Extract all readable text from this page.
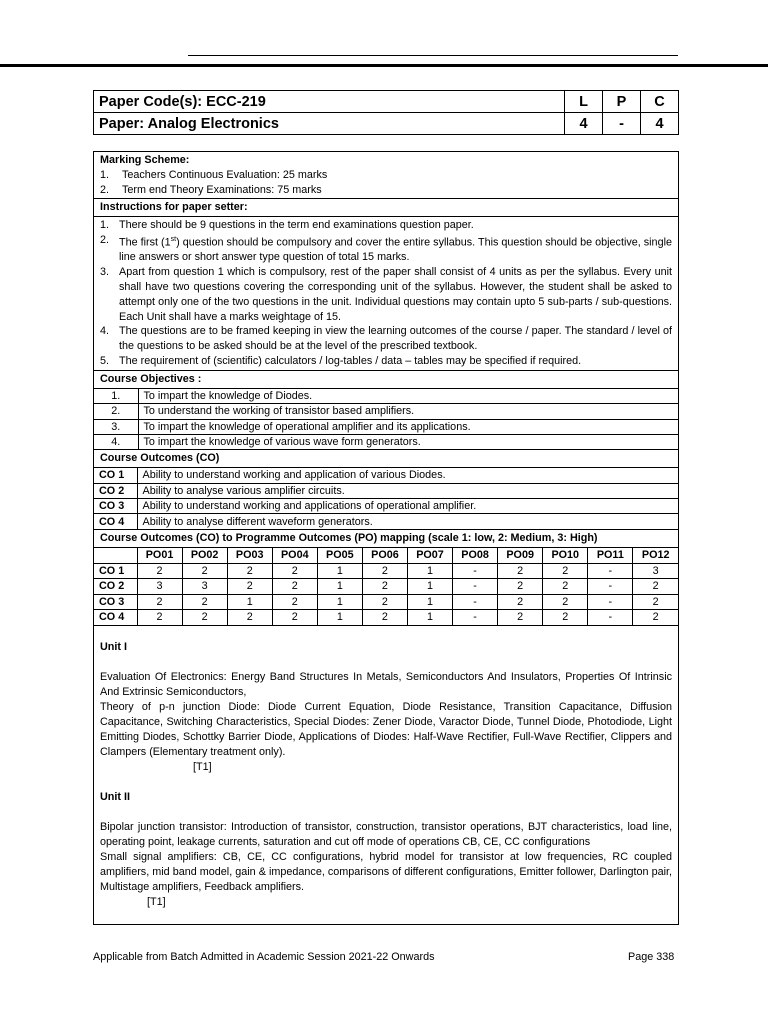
Paper Code(s): ECC-219	L	P	C
Paper: Analog Electronics	4	-	4
Marking Scheme:
1. Teachers Continuous Evaluation: 25 marks
2. Term end Theory Examinations: 75 marks
Instructions for paper setter:
1. There should be 9 questions in the term end examinations question paper.
2. The first (1st) question should be compulsory and cover the entire syllabus. This question should be objective, single line answers or short answer type question of total 15 marks.
3. Apart from question 1 which is compulsory, rest of the paper shall consist of 4 units as per the syllabus. Every unit shall have two questions covering the corresponding unit of the syllabus. However, the student shall be asked to attempt only one of the two questions in the unit. Individual questions may contain upto 5 sub-parts / sub-questions. Each Unit shall have a marks weightage of 15.
4. The questions are to be framed keeping in view the learning outcomes of the course / paper. The standard / level of the questions to be asked should be at the level of the prescribed textbook.
5. The requirement of (scientific) calculators / log-tables / data – tables may be specified if required.
Course Objectives :
1.	To impart the knowledge of Diodes.
2.	To understand the working of transistor based amplifiers.
3.	To impart the knowledge of operational amplifier and its applications.
4.	To impart the knowledge of various wave form generators.
Course Outcomes (CO)
CO 1	Ability to understand working and application of various Diodes.
CO 2	Ability to analyse various amplifier circuits.
CO 3	Ability to understand working and applications of operational amplifier.
CO 4	Ability to analyse different waveform generators.
Course Outcomes (CO) to Programme Outcomes (PO) mapping (scale 1: low, 2: Medium, 3: High)
	PO01	PO02	PO03	PO04	PO05	PO06	PO07	PO08	PO09	PO10	PO11	PO12
CO 1	2	2	2	2	1	2	1	-	2	2	-	3
CO 2	3	3	2	2	1	2	1	-	2	2	-	2
CO 3	2	2	1	2	1	2	1	-	2	2	-	2
CO 4	2	2	2	2	1	2	1	-	2	2	-	2
Unit I

Evaluation Of Electronics: Energy Band Structures In Metals, Semiconductors And Insulators, Properties Of Intrinsic And Extrinsic Semiconductors,

Theory of p-n junction Diode: Diode Current Equation, Diode Resistance, Transition Capacitance, Diffusion Capacitance, Switching Characteristics, Special Diodes: Zener Diode, Varactor Diode, Tunnel Diode, Photodiode, Light Emitting Diodes, Schottky Barrier Diode, Applications of Diodes: Half-Wave Rectifier, Full-Wave Rectifier, Clippers and Clampers (Elementary treatment only).

[T1]
Unit II

Bipolar junction transistor: Introduction of transistor, construction, transistor operations, BJT characteristics, load line, operating point, leakage currents, saturation and cut off mode of operations CB, CE, CC configurations

Small signal amplifiers: CB, CE, CC configurations, hybrid model for transistor at low frequencies, RC coupled amplifiers, mid band model, gain & impedance, comparisons of different configurations, Emitter follower, Darlington pair, Multistage amplifiers, Feedback amplifiers.

[T1]
Applicable from Batch Admitted in Academic Session 2021-22 Onwards	Page 338
